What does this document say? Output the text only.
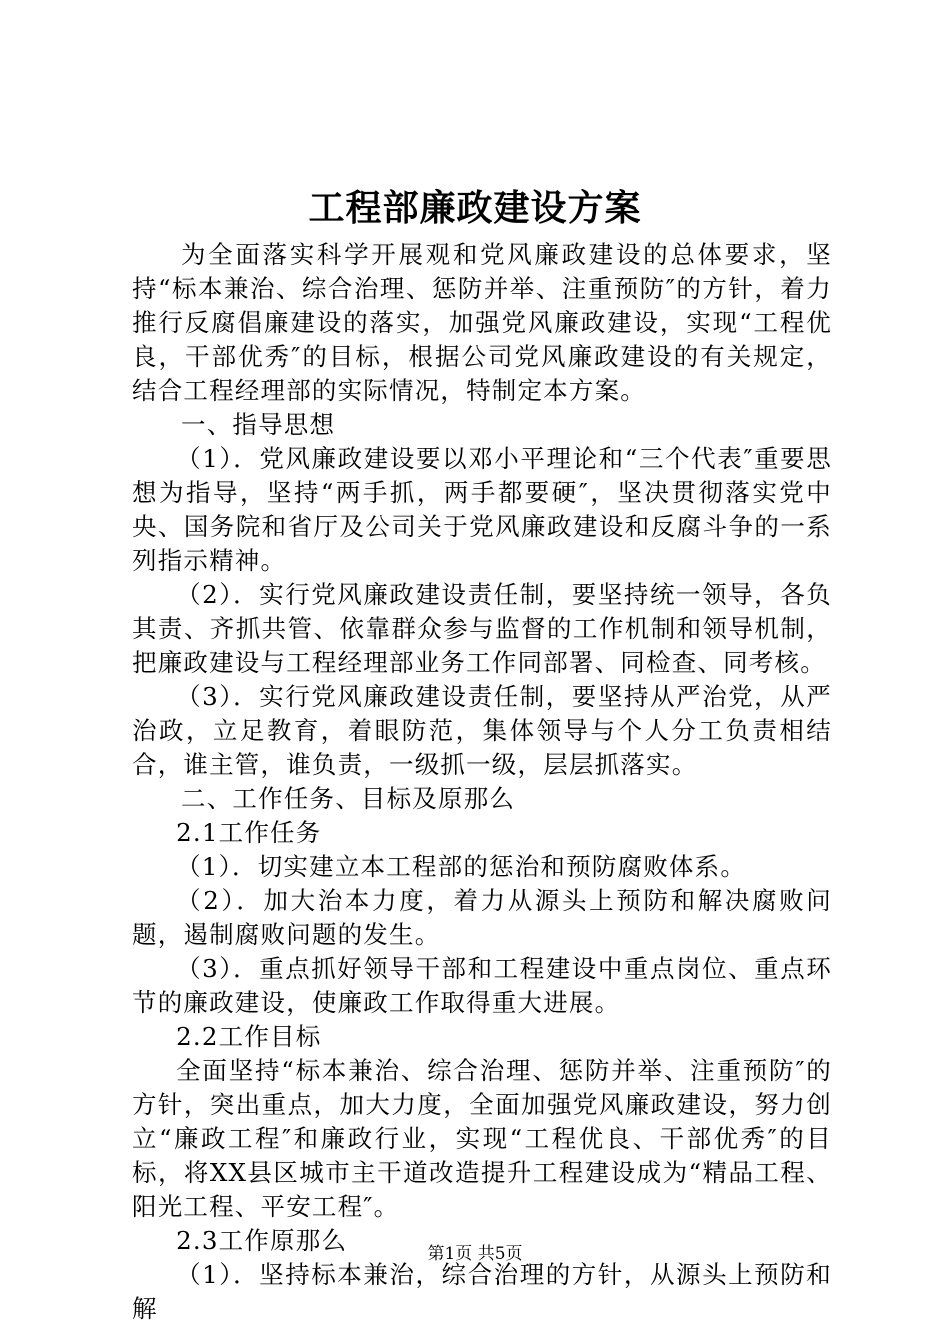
工程部廉政建设方案

为全面落实科学开展观和党风廉政建设的总体要求，坚持“标本兼治、综合治理、惩防并举、注重预防″的方针，着力推行反腐倡廉建设的落实，加强党风廉政建设，实现“工程优良，干部优秀″的目标，根据公司党风廉政建设的有关规定，结合工程经理部的实际情况，特制定本方案。

一、指导思想

（1）．党风廉政建设要以邓小平理论和“三个代表″重要思想为指导，坚持“两手抓，两手都要硬″，坚决贯彻落实党中央、国务院和省厅及公司关于党风廉政建设和反腐斗争的一系列指示精神。

（2）．实行党风廉政建设责任制，要坚持统一领导，各负其责、齐抓共管、依靠群众参与监督的工作机制和领导机制，把廉政建设与工程经理部业务工作同部署、同检查、同考核。

（3）．实行党风廉政建设责任制，要坚持从严治党，从严治政，立足教育，着眼防范，集体领导与个人分工负责相结合，谁主管，谁负责，一级抓一级，层层抓落实。

二、工作任务、目标及原那么

2.1工作任务

（1）．切实建立本工程部的惩治和预防腐败体系。

（2）．加大治本力度，着力从源头上预防和解决腐败问题，遏制腐败问题的发生。

（3）．重点抓好领导干部和工程建设中重点岗位、重点环节的廉政建设，使廉政工作取得重大进展。

2.2工作目标

全面坚持“标本兼治、综合治理、惩防并举、注重预防″的方针，突出重点，加大力度，全面加强党风廉政建设，努力创立“廉政工程″和廉政行业，实现“工程优良、干部优秀″的目标，将XX县区城市主干道改造提升工程建设成为“精品工程、阳光工程、平安工程″。

2.3工作原那么

（1）．坚持标本兼治，综合治理的方针，从源头上预防和解

第1页 共5页
